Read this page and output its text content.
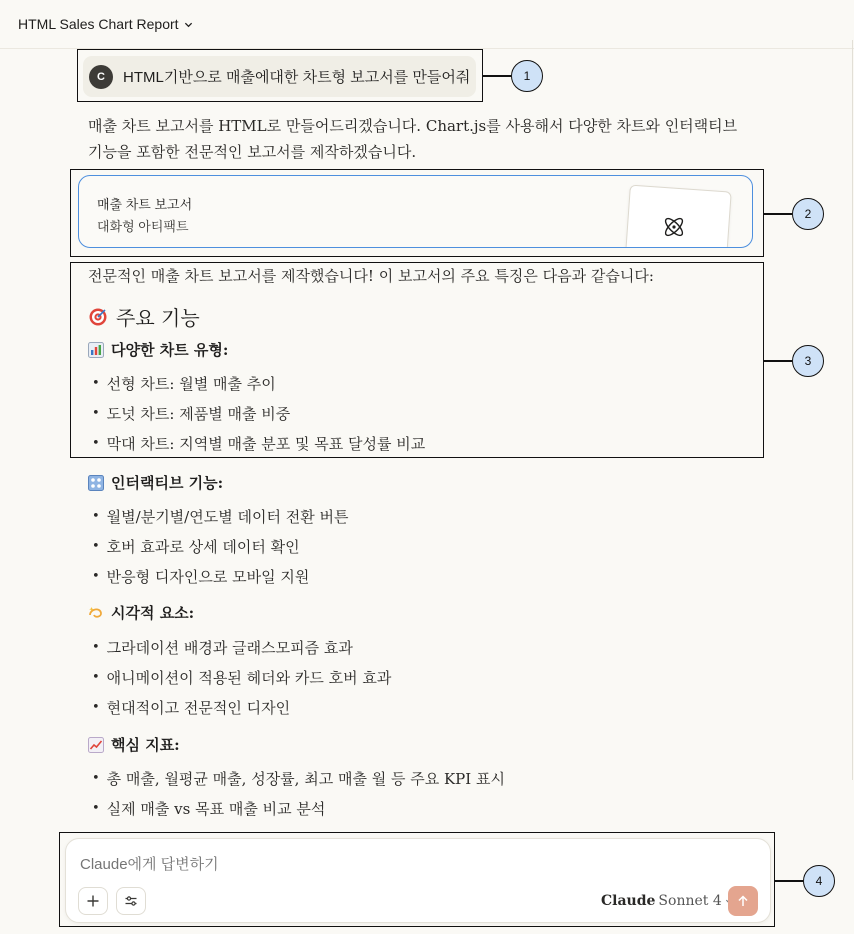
HTML Sales Chart Report
C	HTML기반으로 매출에대한 차트형 보고서를 만들어줘
매출 차트 보고서를 HTML로 만들어드리겠습니다. Chart.js를 사용해서 다양한 차트와 인터랙티브
기능을 포함한 전문적인 보고서를 제작하겠습니다.
매출 차트 보고서
대화형 아티팩트
전문적인 매출 차트 보고서를 제작했습니다! 이 보고서의 주요 특징은 다음과 같습니다:
주요 기능
다양한 차트 유형:
• 선형 차트: 월별 매출 추이
• 도넛 차트: 제품별 매출 비중
• 막대 차트: 지역별 매출 분포 및 목표 달성률 비교
인터랙티브 기능:
• 월별/분기별/연도별 데이터 전환 버튼
• 호버 효과로 상세 데이터 확인
• 반응형 디자인으로 모바일 지원
시각적 요소:
• 그라데이션 배경과 글래스모피즘 효과
• 애니메이션이 적용된 헤더와 카드 호버 효과
• 현대적이고 전문적인 디자인
핵심 지표:
• 총 매출, 월평균 매출, 성장률, 최고 매출 월 등 주요 KPI 표시
• 실제 매출 vs 목표 매출 비교 분석
Claude에게 답변하기
Claude Sonnet 4
1
2
3
4
